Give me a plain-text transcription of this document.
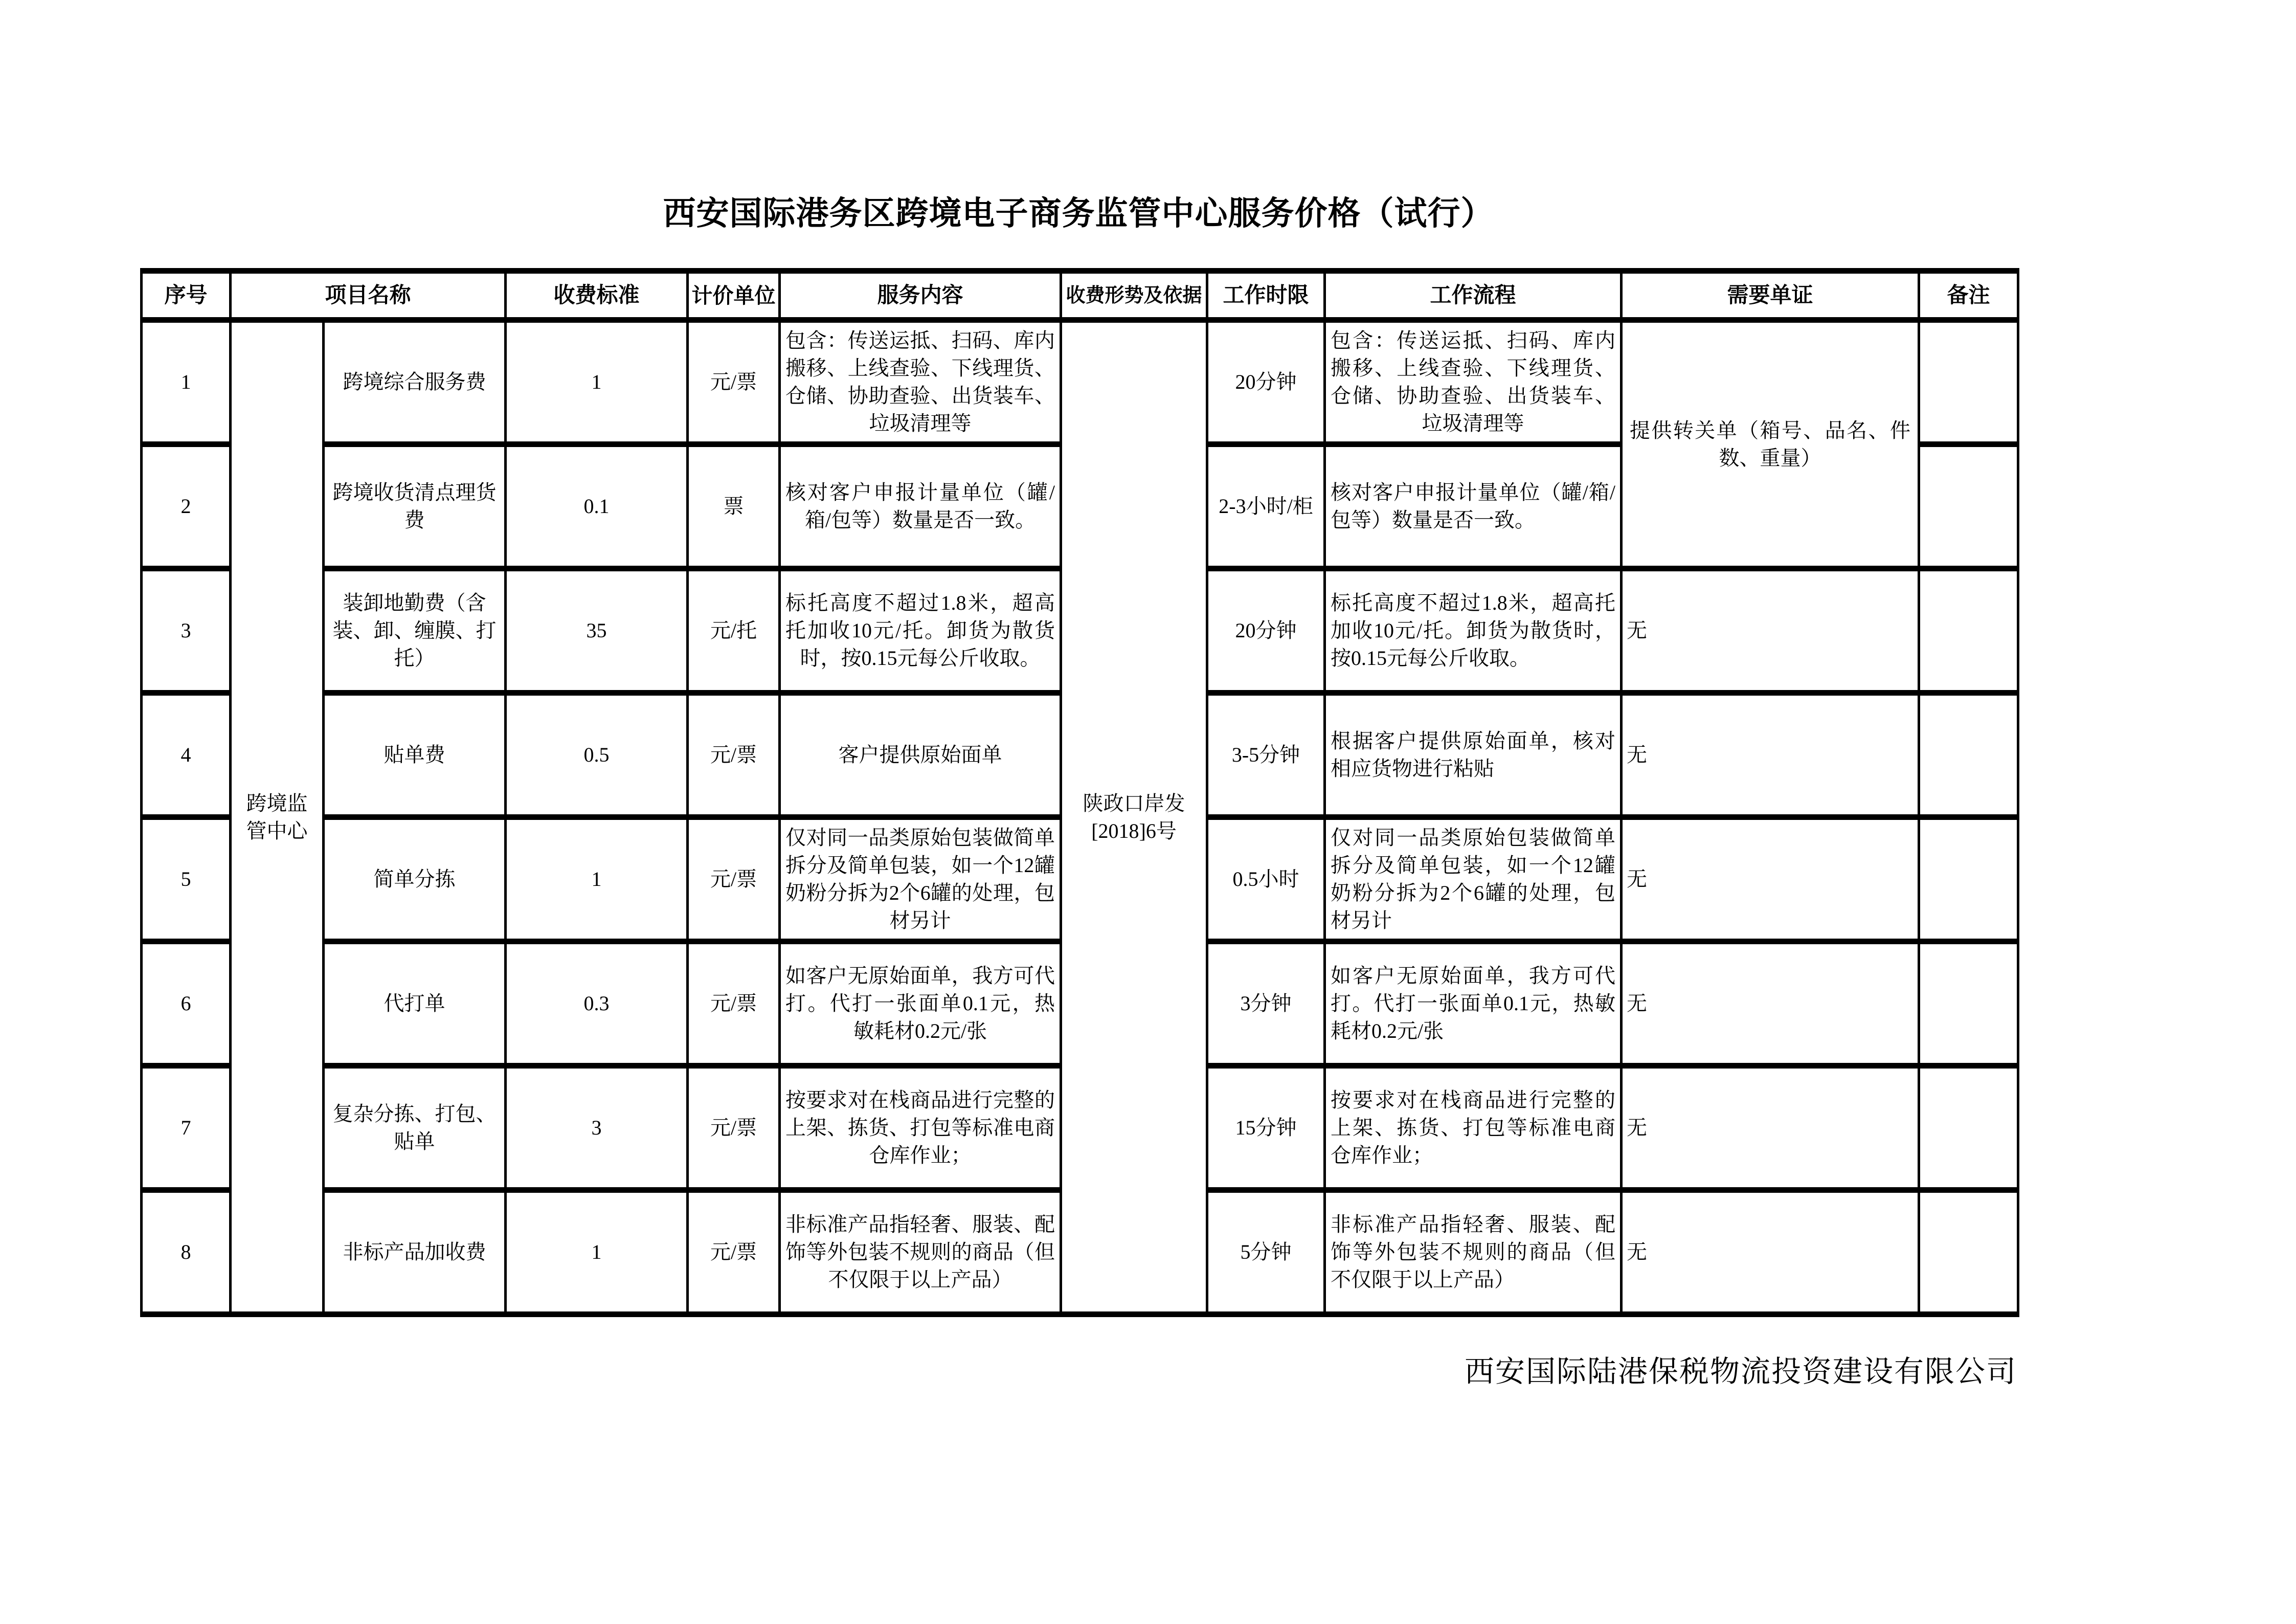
西安国际港务区跨境电子商务监管中心服务价格（试行）
序号	项目名称		收费标准	计价单位	服务内容	收费形势及依据	工作时限	工作流程	需要单证	备注
1	跨境监管中心	跨境综合服务费	1	元/票	包含：传送运抵、扫码、库内搬移、上线查验、下线理货、仓储、协助查验、出货装车、垃圾清理等	陕政口岸发[2018]6号	20分钟	包含：传送运抵、扫码、库内搬移、上线查验、下线理货、仓储、协助查验、出货装车、垃圾清理等	提供转关单（箱号、品名、件数、重量）	
2		跨境收货清点理货费	0.1	票	核对客户申报计量单位（罐/箱/包等）数量是否一致。		2-3小时/柜	核对客户申报计量单位（罐/箱/包等）数量是否一致。		
3		装卸地勤费（含装、卸、缠膜、打托）	35	元/托	标托高度不超过1.8米，超高托加收10元/托。卸货为散货时，按0.15元每公斤收取。		20分钟	标托高度不超过1.8米，超高托加收10元/托。卸货为散货时，按0.15元每公斤收取。	无	
4		贴单费	0.5	元/票	客户提供原始面单		3-5分钟	根据客户提供原始面单，核对相应货物进行粘贴	无	
5		简单分拣	1	元/票	仅对同一品类原始包装做简单拆分及简单包装，如一个12罐奶粉分拆为2个6罐的处理，包材另计		0.5小时	仅对同一品类原始包装做简单拆分及简单包装，如一个12罐奶粉分拆为2个6罐的处理，包材另计	无	
6		代打单	0.3	元/票	如客户无原始面单，我方可代打。代打一张面单0.1元，热敏耗材0.2元/张		3分钟	如客户无原始面单，我方可代打。代打一张面单0.1元，热敏耗材0.2元/张	无	
7		复杂分拣、打包、贴单	3	元/票	按要求对在栈商品进行完整的上架、拣货、打包等标准电商仓库作业；		15分钟	按要求对在栈商品进行完整的上架、拣货、打包等标准电商仓库作业；	无	
8		非标产品加收费	1	元/票	非标准产品指轻奢、服装、配饰等外包装不规则的商品（但不仅限于以上产品）		5分钟	非标准产品指轻奢、服装、配饰等外包装不规则的商品（但不仅限于以上产品）	无	
西安国际陆港保税物流投资建设有限公司
